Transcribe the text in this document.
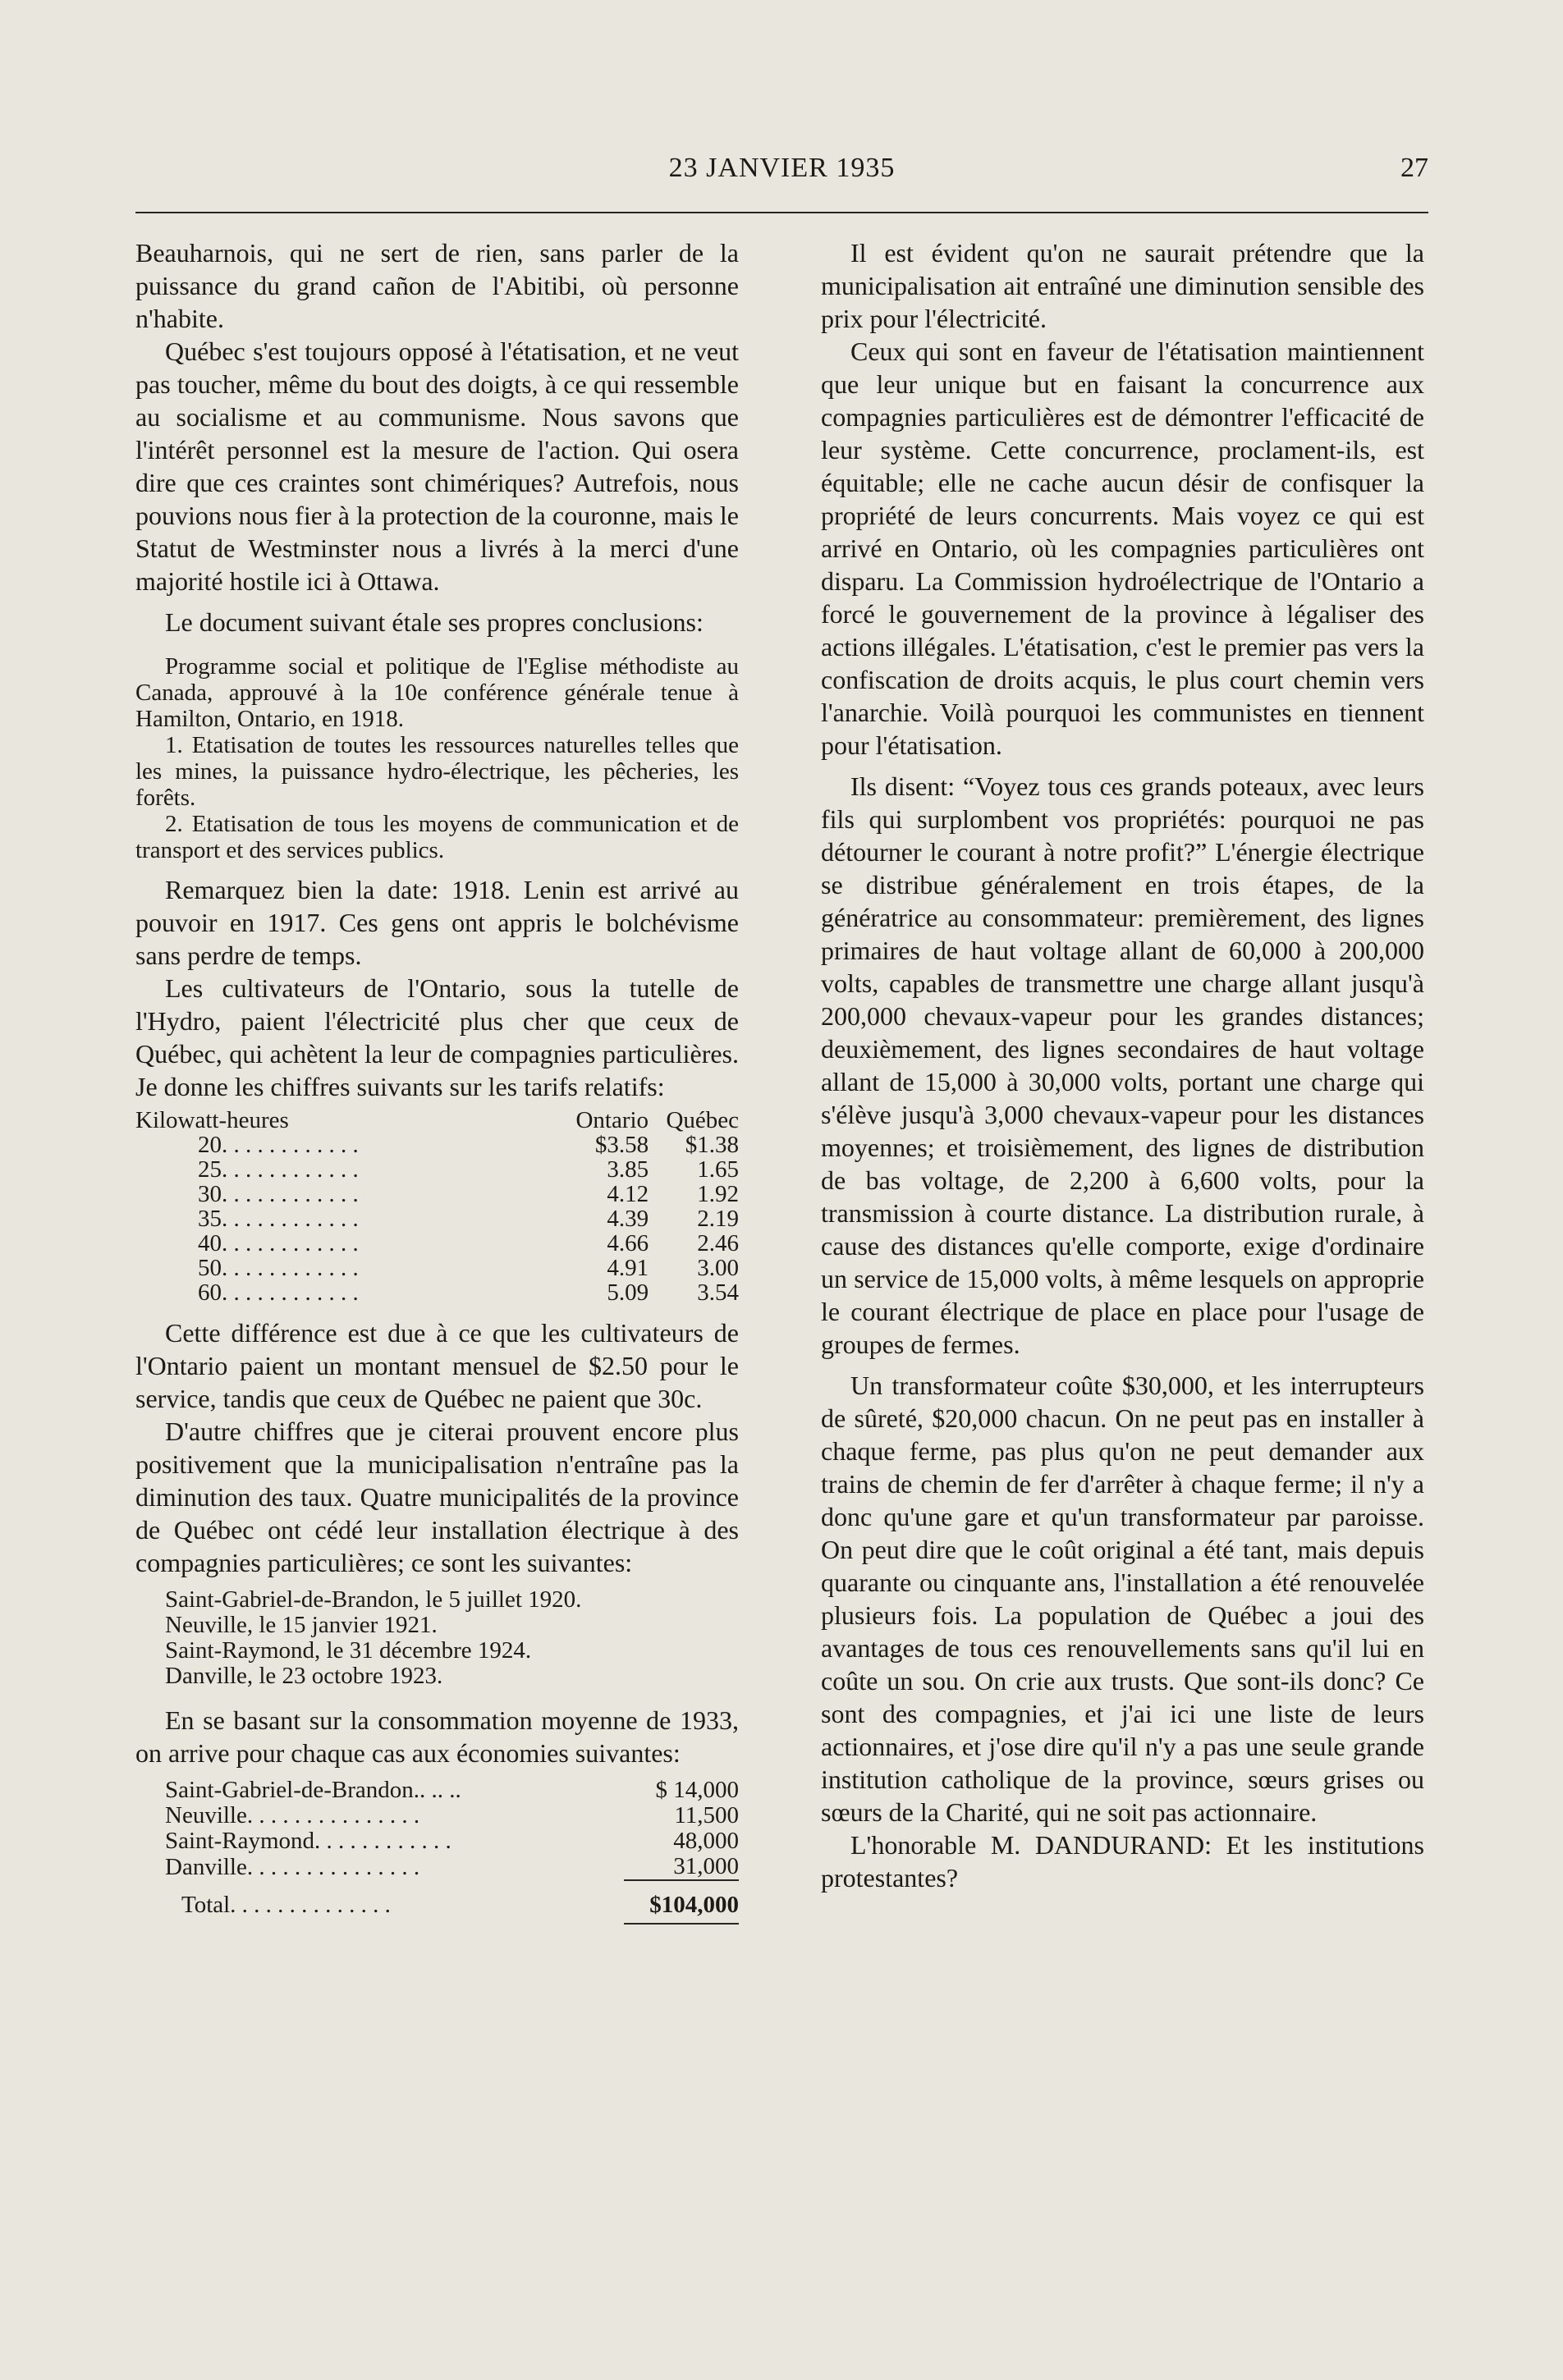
23 JANVIER 1935	27

Beauharnois, qui ne sert de rien, sans parler de la puissance du grand cañon de l'Abitibi, où personne n'habite.

Québec s'est toujours opposé à l'étatisation, et ne veut pas toucher, même du bout des doigts, à ce qui ressemble au socialisme et au communisme. Nous savons que l'intérêt personnel est la mesure de l'action. Qui osera dire que ces craintes sont chimériques? Autrefois, nous pouvions nous fier à la protection de la couronne, mais le Statut de Westminster nous a livrés à la merci d'une majorité hostile ici à Ottawa.

Le document suivant étale ses propres conclusions:

Programme social et politique de l'Eglise méthodiste au Canada, approuvé à la 10e conférence générale tenue à Hamilton, Ontario, en 1918.

1. Etatisation de toutes les ressources naturelles telles que les mines, la puissance hydro-électrique, les pêcheries, les forêts.

2. Etatisation de tous les moyens de communication et de transport et des services publics.

Remarquez bien la date: 1918. Lenin est arrivé au pouvoir en 1917. Ces gens ont appris le bolchévisme sans perdre de temps.

Les cultivateurs de l'Ontario, sous la tutelle de l'Hydro, paient l'électricité plus cher que ceux de Québec, qui achètent la leur de compagnies particulières. Je donne les chiffres suivants sur les tarifs relatifs:

Kilowatt-heures	Ontario	Québec
20. . . . . . . . . . . .	$3.58	$1.38
25. . . . . . . . . . . .	3.85	1.65
30. . . . . . . . . . . .	4.12	1.92
35. . . . . . . . . . . .	4.39	2.19
40. . . . . . . . . . . .	4.66	2.46
50. . . . . . . . . . . .	4.91	3.00
60. . . . . . . . . . . .	5.09	3.54

Cette différence est due à ce que les cultivateurs de l'Ontario paient un montant mensuel de $2.50 pour le service, tandis que ceux de Québec ne paient que 30c.

D'autre chiffres que je citerai prouvent encore plus positivement que la municipalisation n'entraîne pas la diminution des taux. Quatre municipalités de la province de Québec ont cédé leur installation électrique à des compagnies particulières; ce sont les suivantes:

Saint-Gabriel-de-Brandon, le 5 juillet 1920.
Neuville, le 15 janvier 1921.
Saint-Raymond, le 31 décembre 1924.
Danville, le 23 octobre 1923.

En se basant sur la consommation moyenne de 1933, on arrive pour chaque cas aux économies suivantes:

Saint-Gabriel-de-Brandon.. .. ..	$ 14,000
Neuville. . . . . . . . . . . . . . .	11,500
Saint-Raymond. . . . . . . . . . . .	48,000
Danville. . . . . . . . . . . . . . .	31,000
Total. . . . . . . . . . . . . .	$104,000

Il est évident qu'on ne saurait prétendre que la municipalisation ait entraîné une diminution sensible des prix pour l'électricité.

Ceux qui sont en faveur de l'étatisation maintiennent que leur unique but en faisant la concurrence aux compagnies particulières est de démontrer l'efficacité de leur système. Cette concurrence, proclament-ils, est équitable; elle ne cache aucun désir de confisquer la propriété de leurs concurrents. Mais voyez ce qui est arrivé en Ontario, où les compagnies particulières ont disparu. La Commission hydroélectrique de l'Ontario a forcé le gouvernement de la province à légaliser des actions illégales. L'étatisation, c'est le premier pas vers la confiscation de droits acquis, le plus court chemin vers l'anarchie. Voilà pourquoi les communistes en tiennent pour l'étatisation.

Ils disent: “Voyez tous ces grands poteaux, avec leurs fils qui surplombent vos propriétés: pourquoi ne pas détourner le courant à notre profit?” L'énergie électrique se distribue généralement en trois étapes, de la génératrice au consommateur: premièrement, des lignes primaires de haut voltage allant de 60,000 à 200,000 volts, capables de transmettre une charge allant jusqu'à 200,000 chevaux-vapeur pour les grandes distances; deuxièmement, des lignes secondaires de haut voltage allant de 15,000 à 30,000 volts, portant une charge qui s'élève jusqu'à 3,000 chevaux-vapeur pour les distances moyennes; et troisièmement, des lignes de distribution de bas voltage, de 2,200 à 6,600 volts, pour la transmission à courte distance. La distribution rurale, à cause des distances qu'elle comporte, exige d'ordinaire un service de 15,000 volts, à même lesquels on approprie le courant électrique de place en place pour l'usage de groupes de fermes.

Un transformateur coûte $30,000, et les interrupteurs de sûreté, $20,000 chacun. On ne peut pas en installer à chaque ferme, pas plus qu'on ne peut demander aux trains de chemin de fer d'arrêter à chaque ferme; il n'y a donc qu'une gare et qu'un transformateur par paroisse. On peut dire que le coût original a été tant, mais depuis quarante ou cinquante ans, l'installation a été renouvelée plusieurs fois. La population de Québec a joui des avantages de tous ces renouvellements sans qu'il lui en coûte un sou. On crie aux trusts. Que sont-ils donc? Ce sont des compagnies, et j'ai ici une liste de leurs actionnaires, et j'ose dire qu'il n'y a pas une seule grande institution catholique de la province, sœurs grises ou sœurs de la Charité, qui ne soit pas actionnaire.

L'honorable M. DANDURAND: Et les institutions protestantes?
